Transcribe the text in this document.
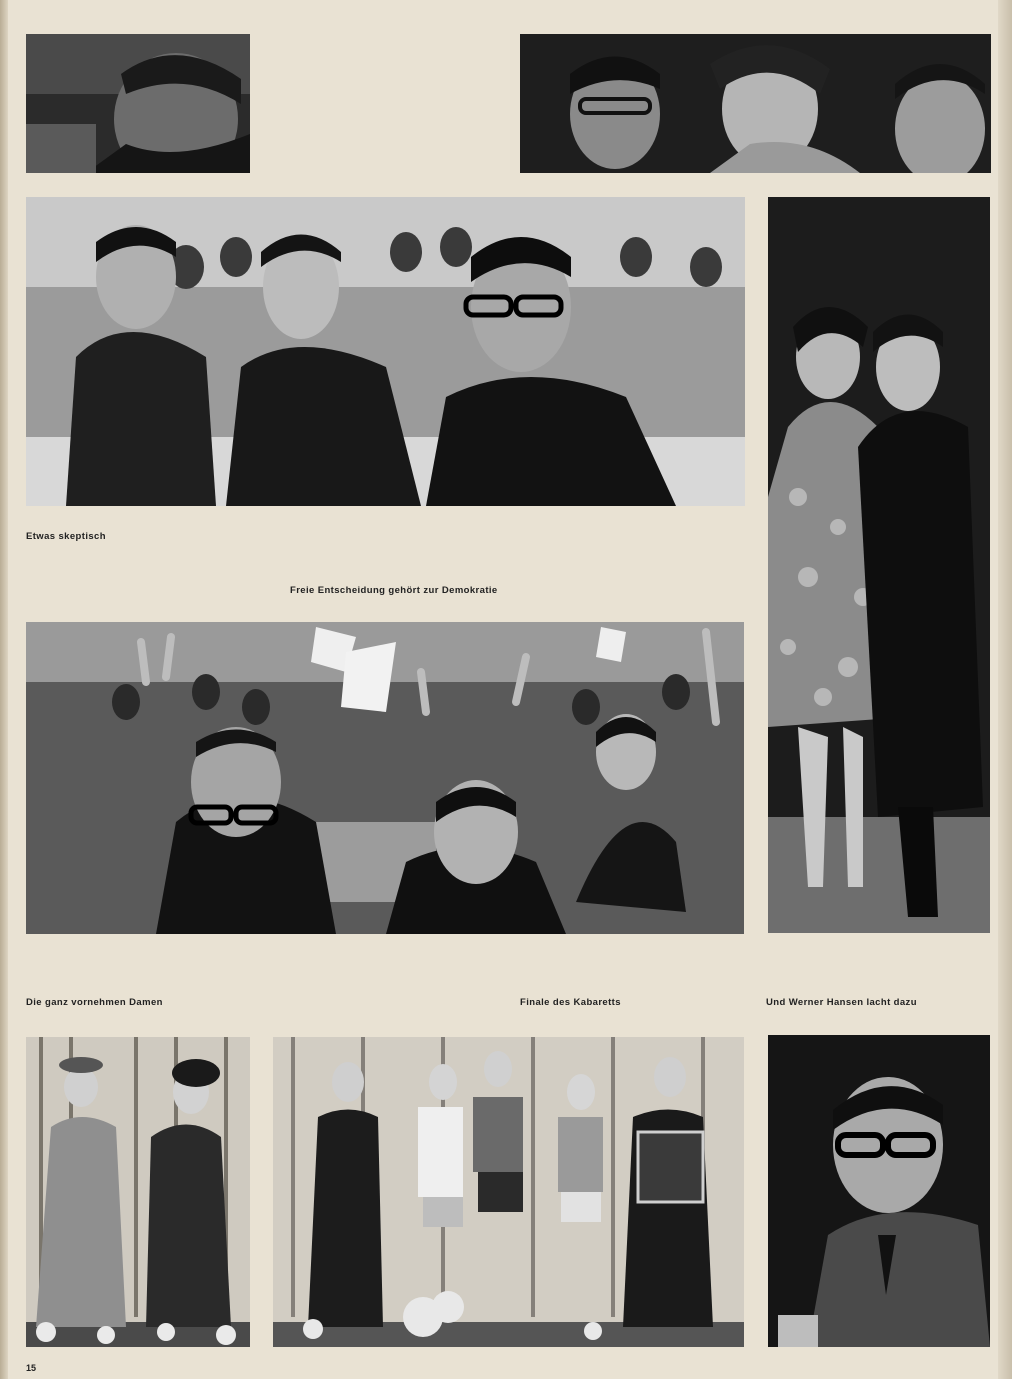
Etwas skeptisch
Freie Entscheidung gehört zur Demokratie
Die ganz vornehmen Damen	Finale des Kabaretts	Und Werner Hansen lacht dazu
15
